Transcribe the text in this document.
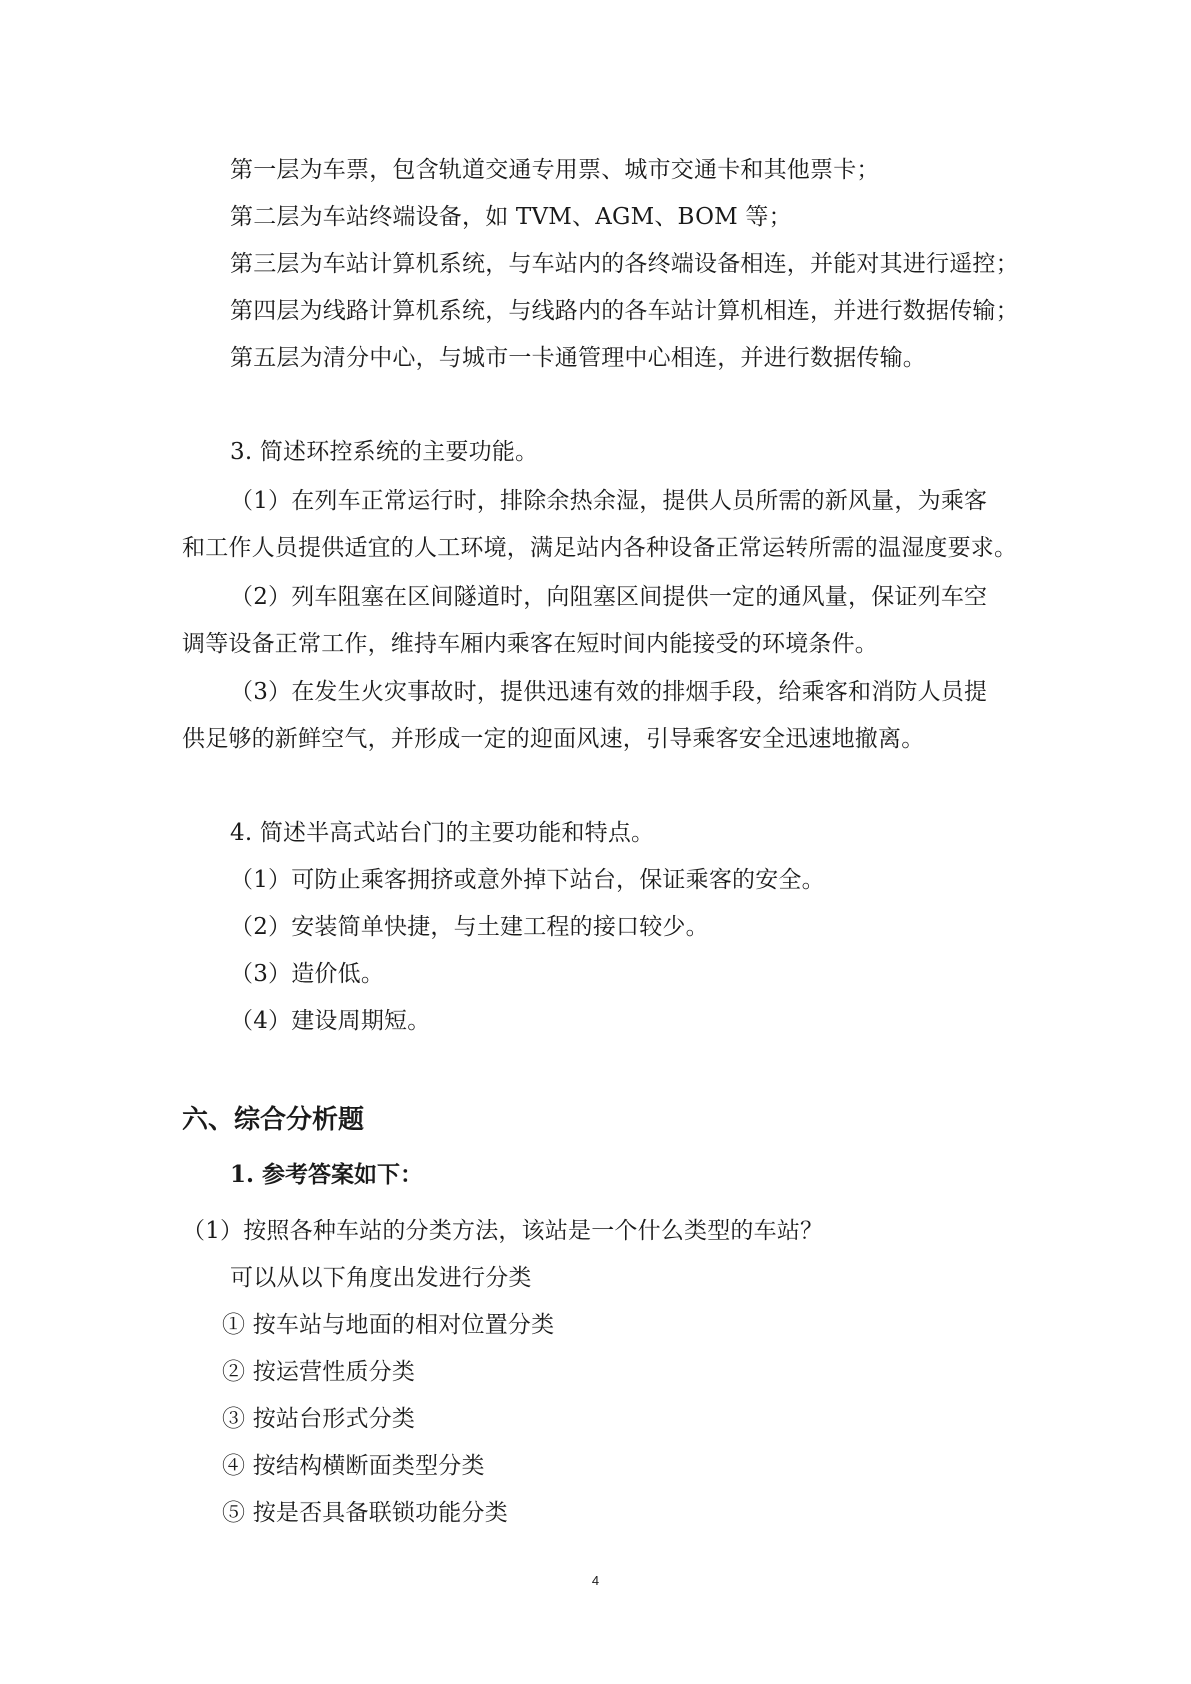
第一层为车票，包含轨道交通专用票、城市交通卡和其他票卡；
第二层为车站终端设备，如 TVM、AGM、BOM 等；
第三层为车站计算机系统，与车站内的各终端设备相连，并能对其进行遥控；
第四层为线路计算机系统，与线路内的各车站计算机相连，并进行数据传输；
第五层为清分中心，与城市一卡通管理中心相连，并进行数据传输。
3. 简述环控系统的主要功能。
（1）在列车正常运行时，排除余热余湿，提供人员所需的新风量，为乘客
和工作人员提供适宜的人工环境，满足站内各种设备正常运转所需的温湿度要求。
（2）列车阻塞在区间隧道时，向阻塞区间提供一定的通风量，保证列车空
调等设备正常工作，维持车厢内乘客在短时间内能接受的环境条件。
（3）在发生火灾事故时，提供迅速有效的排烟手段，给乘客和消防人员提
供足够的新鲜空气，并形成一定的迎面风速，引导乘客安全迅速地撤离。
4. 简述半高式站台门的主要功能和特点。
（1）可防止乘客拥挤或意外掉下站台，保证乘客的安全。
（2）安装简单快捷，与土建工程的接口较少。
（3）造价低。
（4）建设周期短。
六、综合分析题
1. 参考答案如下：
（1）按照各种车站的分类方法，该站是一个什么类型的车站？
可以从以下角度出发进行分类
① 按车站与地面的相对位置分类
② 按运营性质分类
③ 按站台形式分类
④ 按结构横断面类型分类
⑤ 按是否具备联锁功能分类
4
